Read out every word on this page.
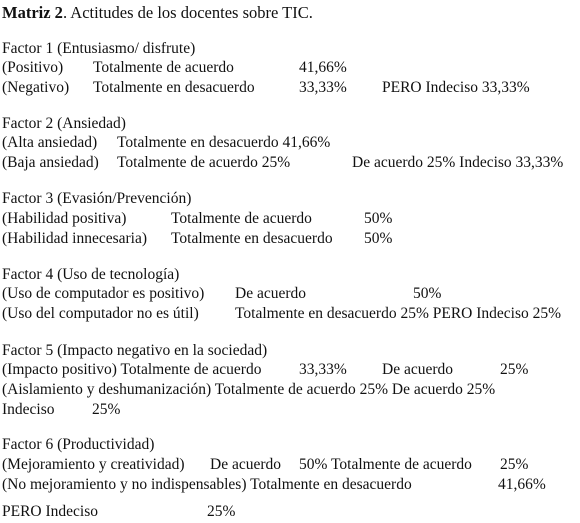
Matriz 2. Actitudes de los docentes sobre TIC.
Factor 1 (Entusiasmo/ disfrute)
(Positivo) Totalmente de acuerdo	41,66%
(Negativo) Totalmente en desacuerdo	33,33% PERO Indeciso 33,33%
Factor 2 (Ansiedad)
(Alta ansiedad) Totalmente en desacuerdo 41,66%
(Baja ansiedad) Totalmente de acuerdo 25%	De acuerdo 25% Indeciso 33,33%
Factor 3 (Evasión/Prevención)
(Habilidad positiva)	Totalmente de acuerdo	50%
(Habilidad innecesaria) Totalmente en desacuerdo 50%
Factor 4 (Uso de tecnología)
(Uso de computador es positivo) De acuerdo	50%
(Uso del computador no es útil) Totalmente en desacuerdo 25% PERO Indeciso 25%
Factor 5 (Impacto negativo en la sociedad)
(Impacto positivo) Totalmente de acuerdo 33,33% De acuerdo	25%
(Aislamiento y deshumanización) Totalmente de acuerdo 25% De acuerdo 25%
Indeciso 25%
Factor 6 (Productividad)
(Mejoramiento y creatividad) De acuerdo 50% Totalmente de acuerdo 25%
(No mejoramiento y no indispensables) Totalmente en desacuerdo	41,66%
PERO Indeciso	25%
